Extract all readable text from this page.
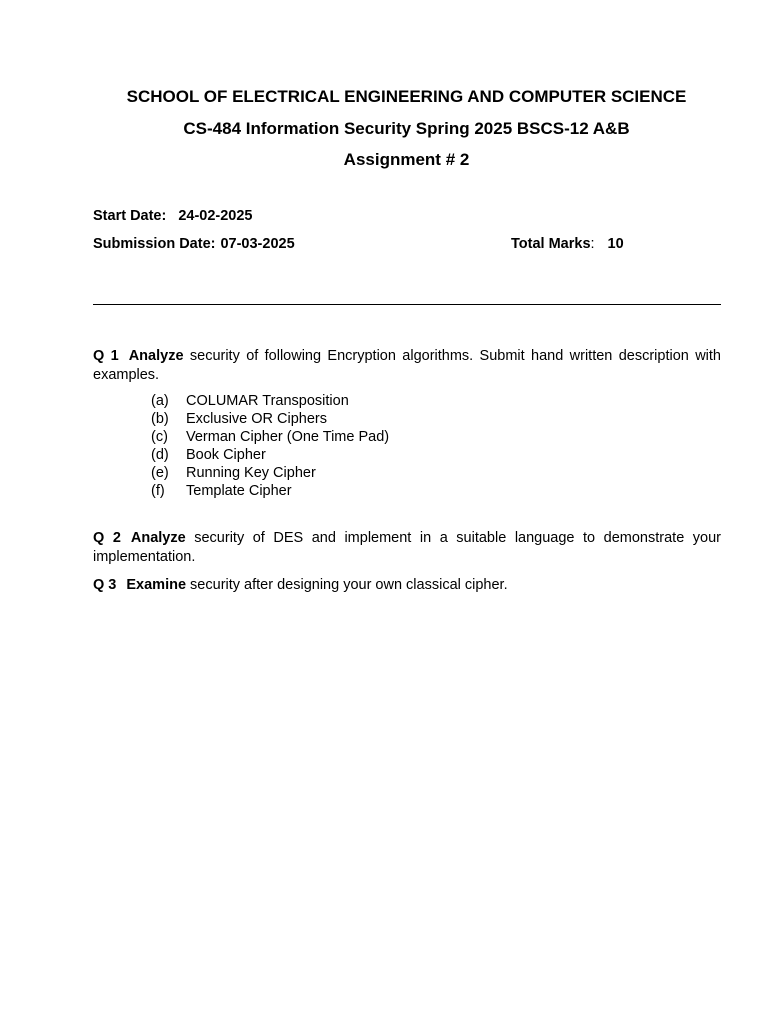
SCHOOL OF ELECTRICAL ENGINEERING AND COMPUTER SCIENCE
CS-484 Information Security Spring 2025 BSCS-12 A&B
Assignment # 2
Start Date: 24-02-2025
Submission Date: 07-03-2025	Total Marks: 10
Q 1 Analyze security of following Encryption algorithms. Submit hand written description with examples.
(a)	COLUMAR Transposition
(b)	Exclusive OR Ciphers
(c)	Verman Cipher (One Time Pad)
(d)	Book Cipher
(e)	Running Key Cipher
(f)	Template Cipher
Q 2 Analyze security of DES and implement in a suitable language to demonstrate your implementation.
Q 3 Examine security after designing your own classical cipher.
